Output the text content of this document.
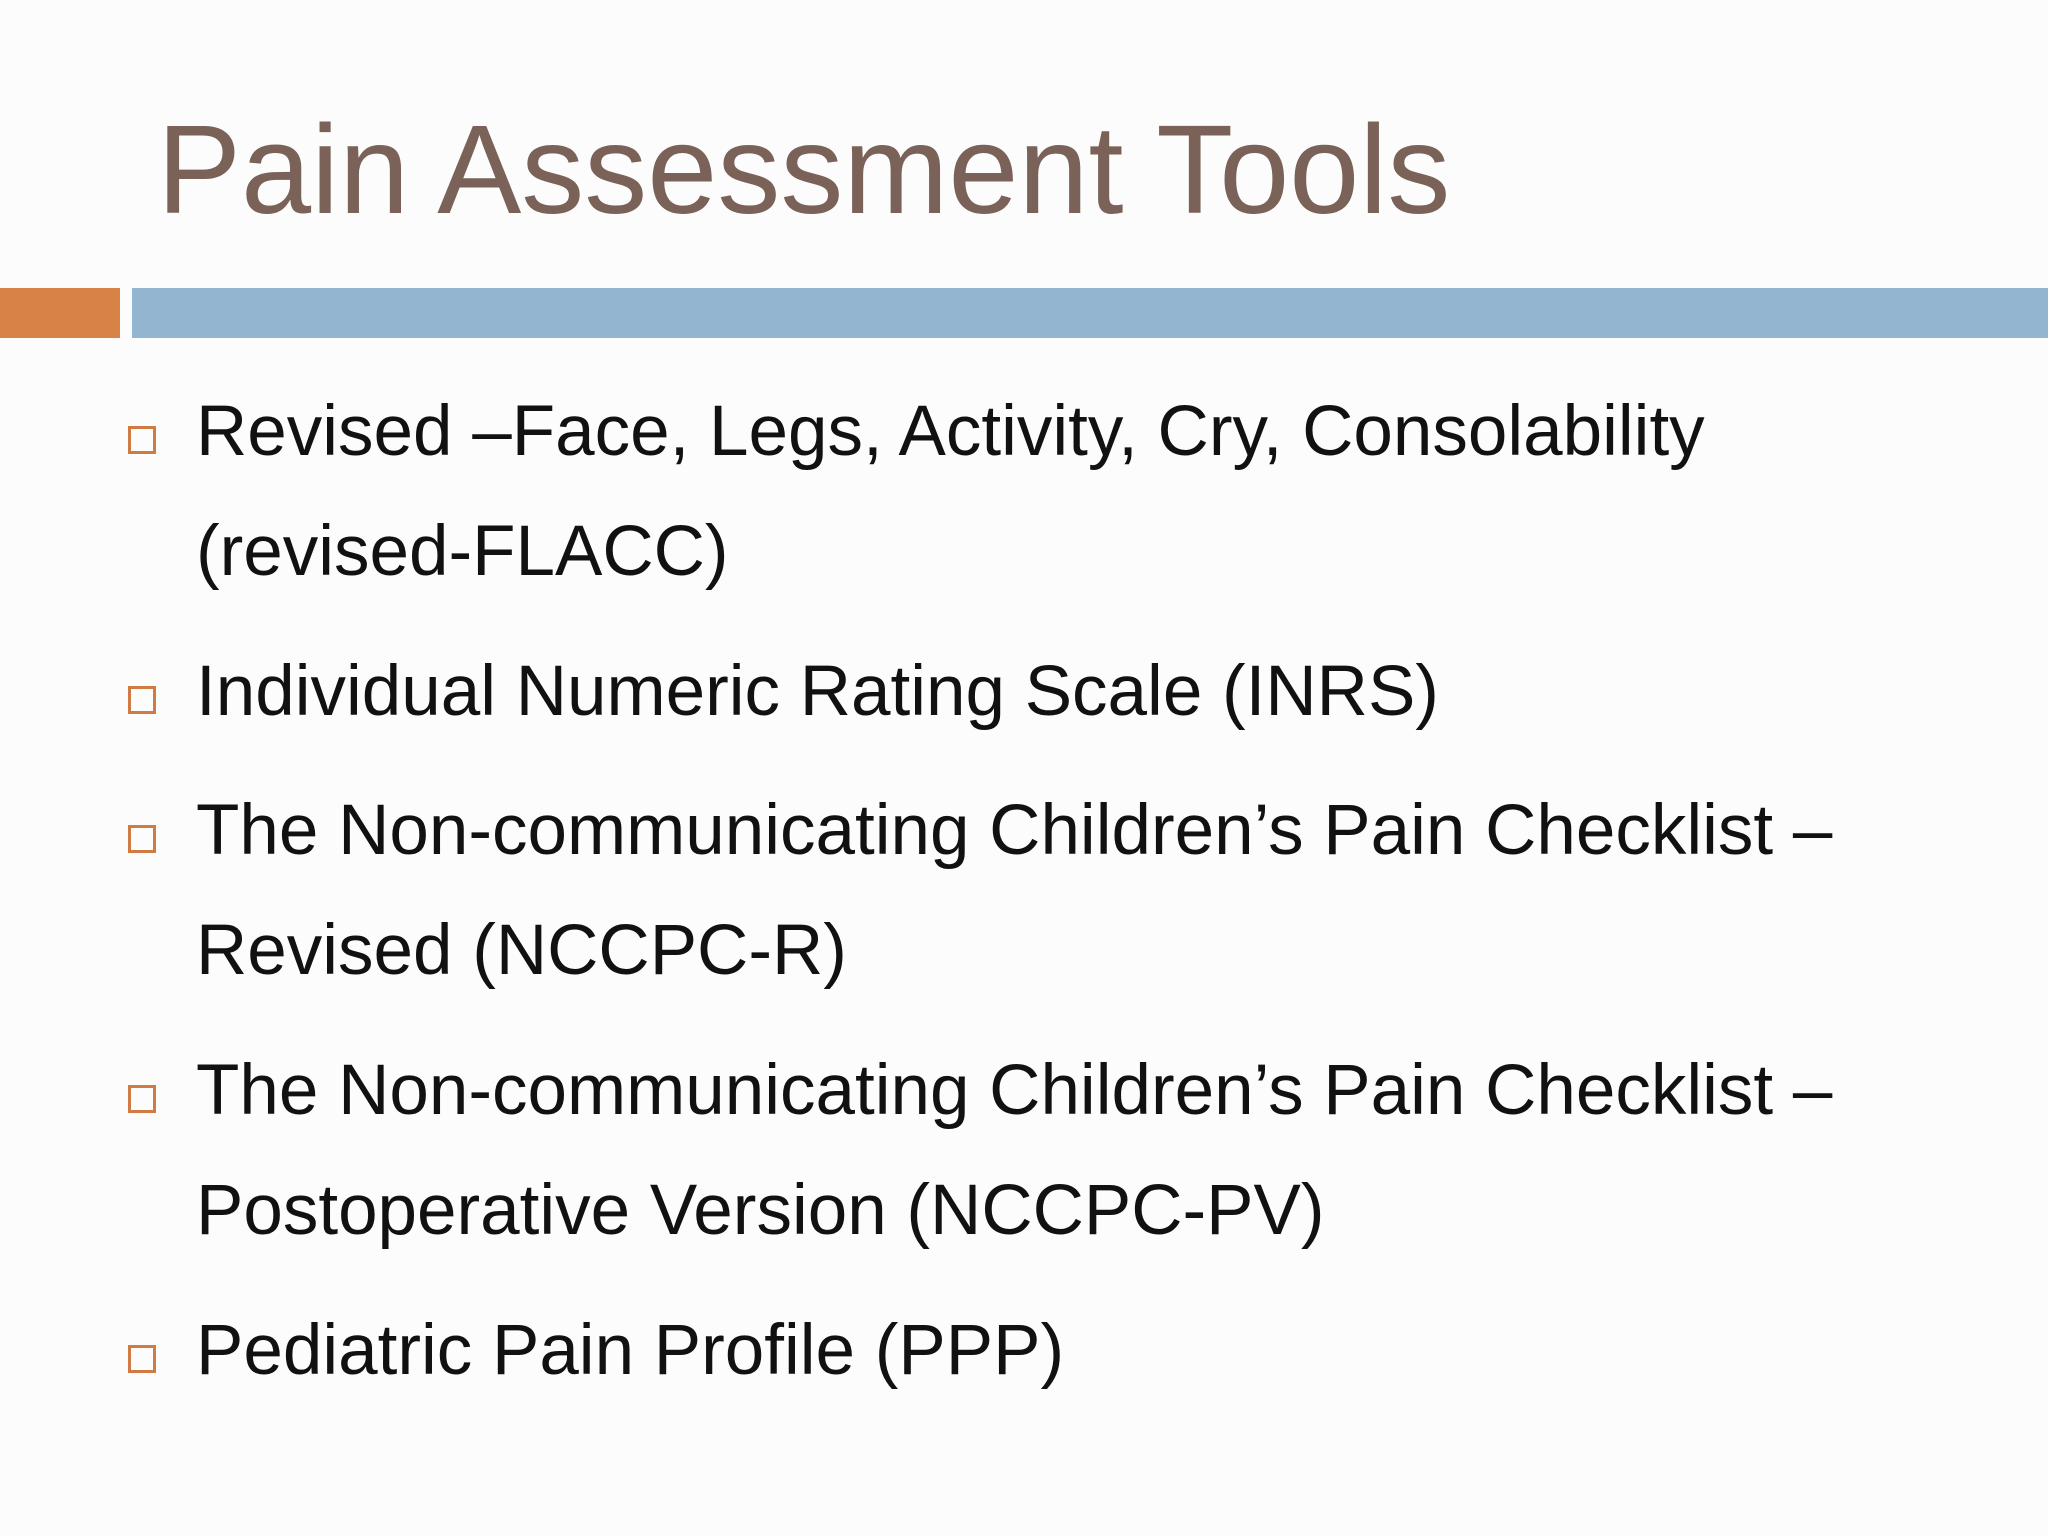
Pain Assessment Tools

Revised –Face, Legs, Activity, Cry, Consolability
(revised-FLACC)

Individual Numeric Rating Scale (INRS)

The Non-communicating Children’s Pain Checklist –
Revised (NCCPC-R)

The Non-communicating Children’s Pain Checklist –
Postoperative Version (NCCPC-PV)

Pediatric Pain Profile (PPP)
